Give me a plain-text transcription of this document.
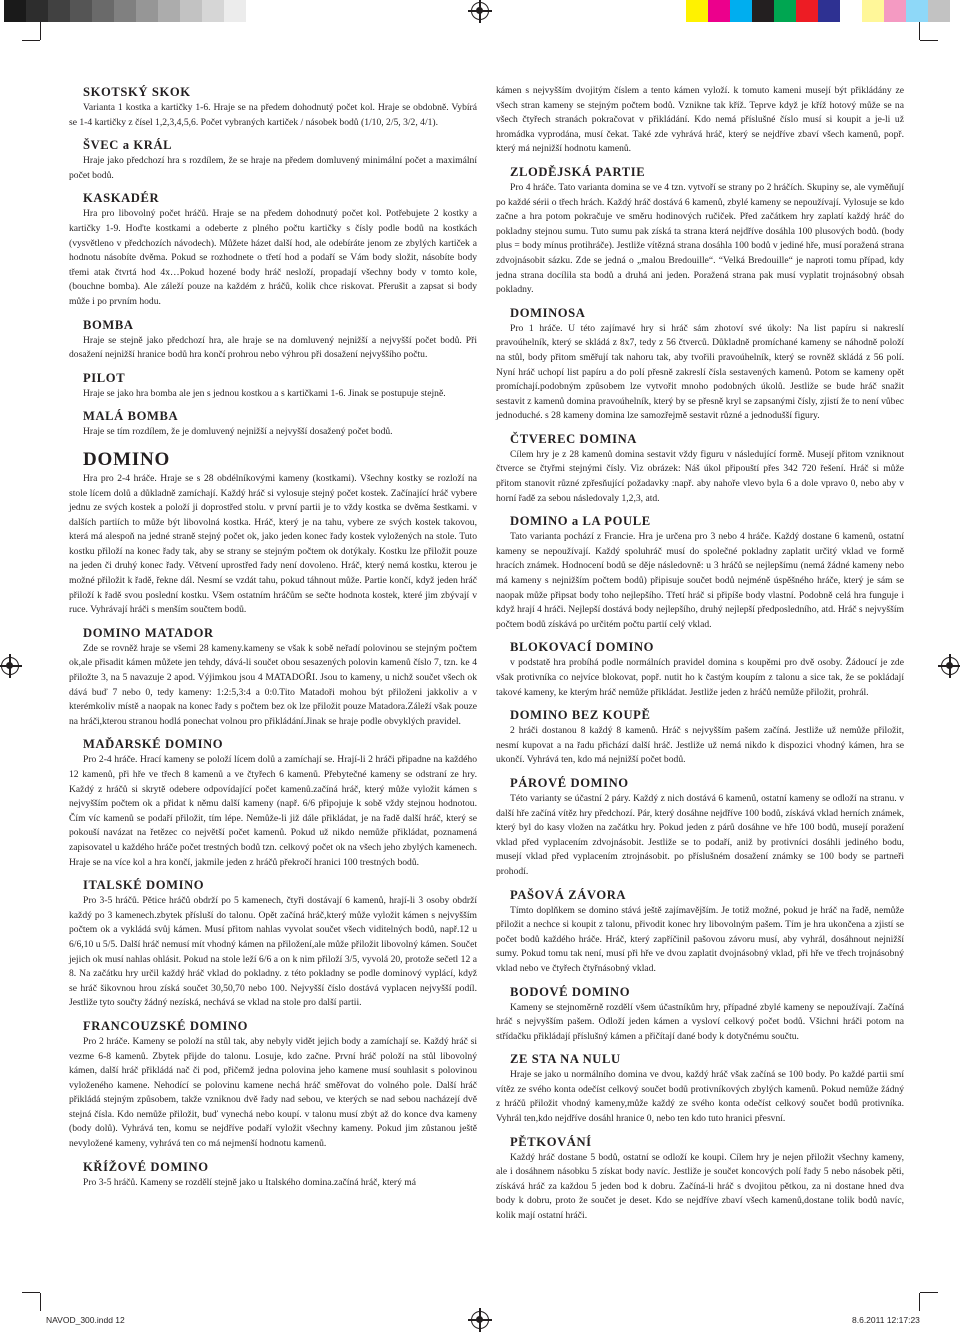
SKOTSKÝ SKOK

Varianta 1 kostka a kartičky 1-6. Hraje se na předem dohodnutý počet kol. Hraje se obdobně. Vybírá se 1-4 kartičky z čísel 1,2,3,4,5,6. Počet vybraných kartiček / násobek bodů (1/10, 2/5, 3/2, 4/1).

ŠVEC a KRÁL

Hraje jako předchozí hra s rozdílem, že se hraje na předem domluvený minimální počet a maximální počet bodů.

KASKADÉR

Hra pro libovolný počet hráčů. Hraje se na předem dohodnutý počet kol. Potřebujete 2 kostky a kartičky 1-9. Hoďte kostkami a odeberte z plného počtu kartičky s čísly podle bodů na kostkách (vysvětleno v předchozích návodech). Můžete házet další hod, ale odebíráte jenom ze zbylých kartiček a hodnotu násobíte dvěma. Pokud se rozhodnete o třetí hod a podaří se Vám body složit, násobíte body třemi atak čtvrtá hod 4x…Pokud hozené body hráč nesloží, propadají všechny body v tomto kole, (bouchne bomba). Ale záleží pouze na každém z hráčů, kolik chce riskovat. Přerušit a zapsat si body může i po prvním hodu.

BOMBA

Hraje se stejně jako předchozí hra, ale hraje se na domluvený nejnižší a nejvyšší počet bodů. Při dosažení nejnižší hranice bodů hra končí prohrou nebo výhrou při dosažení nejvyššího počtu.

PILOT

Hraje se jako hra bomba ale jen s jednou kostkou a s kartičkami 1-6. Jinak se postupuje stejně.

MALÁ BOMBA

Hraje se tím rozdílem, že je domluvený nejnižší a nejvyšší dosažený počet bodů.

DOMINO

Hra pro 2-4 hráče. Hraje se s 28 obdélníkovými kameny (kostkami). Všechny kostky se rozloží na stole lícem dolů a důkladně zamíchají. Každý hráč si vylosuje stejný počet kostek. Začínající hráč vybere jednu ze svých kostek a položí ji doprostřed stolu. v první partii je to vždy kostka se dvěma šestkami. v dalších partiích to může být libovolná kostka. Hráč, který je na tahu, vybere ze svých kostek takovou, která má alespoň na jedné straně stejný počet ok, jako jeden konec řady kostek vyložených na stole. Tuto kostku přiloží na konec řady tak, aby se strany se stejným počtem ok dotýkaly. Kostku lze přiložit pouze na jeden či druhý konec řady. Větvení uprostřed řady není dovoleno. Hráč, který nemá kostku, kterou je možné přiložit k řadě, řekne dál. Nesmí se vzdát tahu, pokud táhnout může. Partie končí, když jeden hráč přiloží k řadě svou poslední kostku. Všem ostatním hráčům se sečte hodnota kostek, které jim zbývají v ruce. Vyhrávají hráči s menším součtem bodů.

DOMINO MATADOR

Zde se rovněž hraje se všemi 28 kameny.kameny se však k sobě neřadí polovinou se stejným počtem ok,ale přisadit kámen můžete jen tehdy, dává-li součet obou sesazených polovin kamenů číslo 7, tzn. ke 4 přiložte 3, na 5 navazuje 2 apod. Výjimkou jsou 4 MATADOŘI. Jsou to kameny, u nichž součet všech ok dává buď 7 nebo 0, tedy kameny: 1:2:5,3:4 a 0:0.Tito Matadoři mohou být přiloženi jakkoliv a v kterémkoliv místě a naopak na konec řady s počtem bez ok lze přiložit pouze Matadora.Záleží však pouze na hráči,kterou stranou hodlá ponechat volnou pro přikládání.Jinak se hraje podle obvyklých pravidel.

MAĎARSKÉ DOMINO

Pro 2-4 hráče. Hrací kameny se položí lícem dolů a zamíchají se. Hrají-li 2 hráči připadne na každého 12 kamenů, při hře ve třech 8 kamenů a ve čtyřech 6 kamenů. Přebytečné kameny se odstraní ze hry. Každý z hráčů si skrytě odebere odpovídající počet kamenů.začíná hráč, který může vyložit kámen s nejvyšším počtem ok a přidat k němu další kameny (např. 6/6 připojuje k sobě vždy stejnou hodnotou. Čím víc kamenů se podaří přiložit, tím lépe. Nemůže-li již dále přikládat, je na řadě další hráč, který se pokouší navázat na řetězec co největší počet kamenů. Pokud už nikdo nemůže přikládat, poznamená zapisovatel u každého hráče počet trestných bodů tzn. celkový počet ok na všech jeho zbylých kamenech. Hraje se na více kol a hra končí, jakmile jeden z hráčů překročí hranici 100 trestných bodů.

ITALSKÉ DOMINO

Pro 3-5 hráčů. Pětice hráčů obdrží po 5 kamenech, čtyři dostávají 6 kamenů, hrají-li 3 osoby obdrží každý po 3 kamenech.zbytek přísluší do talonu. Opět začíná hráč,který může vyložit kámen s nejvyšším počtem ok a vykládá svůj kámen. Musí přitom nahlas vyvolat součet všech viditelných bodů, např.12 u 6/6,10 u 5/5. Další hráč nemusí mít vhodný kámen na přiložení,ale může přiložit libovolný kámen. Součet jejich ok musí nahlas ohlásit. Pokud na stole leží 6/6 a on k nim přiloží 3/5, vyvolá 20, protože sečetl 12 a 8. Na začátku hry určil každý hráč vklad do pokladny. z této pokladny se podle dominový vyplácí, když se hráč šikovnou hrou získá součet 30,50,70 nebo 100. Nejvyšší číslo dostává vyplacen nejvyšší podíl. Jestliže tyto součty žádný nezíská, nechává se vklad na stole pro další partii.

FRANCOUZSKÉ DOMINO

Pro 2 hráče. Kameny se položí na stůl tak, aby nebyly vidět jejich body a zamíchají se. Každý hráč si vezme 6-8 kamenů. Zbytek přijde do talonu. Losuje, kdo začne. První hráč položí na stůl libovolný kámen, další hráč přikládá nač či pod, přičemž jedna polovina jeho kamene musí souhlasit s polovinou vyloženého kamene. Nehodící se polovinu kamene nechá hráč směřovat do volného pole. Další hráč přikládá stejným způsobem, takže vzniknou dvě řady nad sebou, ve kterých se nad sebou nacházejí dvě stejná čísla. Kdo nemůže přiložit, buď vynechá nebo koupí. v talonu musí zbýt až do konce dva kameny (body dolů). Vyhrává ten, komu se nejdříve podaří vyložit všechny kameny. Pokud jim zůstanou ještě nevyložené kameny, vyhrává ten co má nejmenší hodnotu kamenů.

KŘÍŽOVÉ DOMINO

Pro 3-5 hráčů. Kameny se rozdělí stejně jako u Italského domina.začíná hráč, který má

kámen s nejvyšším dvojitým číslem a tento kámen vyloží. k tomuto kameni musejí být přikládány ze všech stran kameny se stejným počtem bodů. Vznikne tak kříž. Teprve když je kříž hotový může se na všech čtyřech stranách pokračovat v přikládání. Kdo nemá příslušné číslo musí si koupit a je-li už hromádka vyprodána, musí čekat. Také zde vyhrává hráč, který se nejdříve zbaví všech kamenů, popř. který má nejnižší hodnotu kamenů.

ZLODĚJSKÁ PARTIE

Pro 4 hráče. Tato varianta domina se ve 4 tzn. vytvoří se strany po 2 hráčích. Skupiny se, ale vyměňují po každé sérii o třech hrách. Každý hráč dostává 6 kamenů, zbylé kameny se nepoužívají. Vylosuje se kdo začne a hra potom pokračuje ve směru hodinových ručiček. Před začátkem hry zaplatí každý hráč do pokladny stejnou sumu. Tuto sumu pak získá ta strana která nejdříve dosáhla 100 plusových bodů. (body plus = body mínus protihráče). Jestliže vítězná strana dosáhla 100 bodů v jediné hře, musí poražená strana zdvojnásobit sázku. Zde se jedná o „malou Bredouille“. “Velká Bredouille“ je naproti tomu případ, kdy jedna strana docílila sta bodů a druhá ani jeden. Poražená strana pak musí vyplatit trojnásobný obsah pokladny.

DOMINOSA

Pro 1 hráče. U této zajímavé hry si hráč sám zhotoví své úkoly: Na list papíru si nakreslí pravoúhelník, který se skládá z 8x7, tedy z 56 čtverců. Důkladně promíchané kameny se náhodně položí na stůl, body přitom směřují tak nahoru tak, aby tvořili pravoúhelník, který se rovněž skládá z 56 polí. Nyní hráč uchopí list papíru a do polí přesně zakreslí čísla sestavených kamenů. Potom se kameny opět promíchají.podobným způsobem lze vytvořit mnoho podobných úkolů. Jestliže se bude hráč snažit sestavit z kamenů domina pravoúhelník, který by se přesně kryl se zapsanými čísly, zjistí že to není vůbec jednoduché. s 28 kameny domina lze samozřejmě sestavit různé a jednodušší figury.

ČTVEREC DOMINA

Cílem hry je z 28 kamenů domina sestavit vždy figuru v následující formě. Musejí přitom vzniknout čtverce se čtyřmi stejnými čísly. Viz obrázek: Náš úkol připouští přes 342 720 řešení. Hráč si může přitom stanovit různé zpřesňující požadavky :např. aby nahoře vlevo byla 6 a dole vpravo 0, nebo aby v horní řadě za sebou následovaly 1,2,3, atd.

DOMINO a LA POULE

Tato varianta pochází z Francie. Hra je určena pro 3 nebo 4 hráče. Každý dostane 6 kamenů, ostatní kameny se nepoužívají. Každý spoluhráč musí do společné pokladny zaplatit určitý vklad ve formě hracích známek. Hodnocení bodů se děje následovně: u 3 hráčů se nejlepšímu (nemá žádné kameny nebo má kameny s nejnižším počtem bodů) připisuje součet bodů nejméně úspěšného hráče, který je sám se naopak může připsat body toho nejlepšího. Třetí hráč si připíše body vlastní. Podobně celá hra funguje i když hrají 4 hráči. Nejlepší dostává body nejlepšího, druhý nejlepší předposledního, atd. Hráč s nejvyšším počtem bodů získává po určitém počtu partií celý vklad.

BLOKOVACÍ DOMINO

v podstatě hra probíhá podle normálních pravidel domina s koupěmi pro dvě osoby. Žádoucí je zde však protivníka co nejvíce blokovat, popř. nutit ho k častým koupím z talonu a sice tak, že se pokládají takové kameny, ke kterým hráč nemůže přikládat. Jestliže jeden z hráčů nemůže přiložit, prohrál.

DOMINO BEZ KOUPĚ

2 hráči dostanou 8 každý 8 kamenů. Hráč s nejvyšším pašem začíná. Jestliže už nemůže přiložit, nesmí kupovat a na řadu přichází další hráč. Jestliže už nemá nikdo k dispozici vhodný kámen, hra se ukončí. Vyhrává ten, kdo má nejnižší počet bodů.

PÁROVÉ DOMINO

Této varianty se účastní 2 páry. Každý z nich dostává 6 kamenů, ostatní kameny se odloží na stranu. v další hře začíná vítěz hry předchozí. Pár, který dosáhne nejdříve 100 bodů, získává vklad herních známek, který byl do kasy vložen na začátku hry. Pokud jeden z párů dosáhne ve hře 100 bodů, musejí poražení vklad před vyplacením zdvojnásobit. Jestliže se to podaří, aniž by protivníci dosáhli jediného bodu, musejí vklad před vyplacením ztrojnásobit. po příslušném dosažení známky se 100 body se partneři prohodí.

PAŠOVÁ ZÁVORA

Tímto doplňkem se domino stává ještě zajímavějším. Je totiž možné, pokud je hráč na řadě, nemůže přiložit a nechce si koupit z talonu, přivodit konec hry libovolným pašem. Tím je hra ukončena a zjistí se počet bodů každého hráče. Hráč, který zapříčinil pašovou závoru musí, aby vyhrál, dosáhnout nejnižší sumy. Pokud tomu tak není, musí při hře ve dvou zaplatit dvojnásobný vklad, při hře ve třech trojnásobný vklad nebo ve čtyřech čtyřnásobný vklad.

BODOVÉ DOMINO

Kameny se stejnoměrně rozdělí všem účastníkům hry, případné zbylé kameny se nepoužívají. Začíná hráč s nejvyšším pašem. Odloží jeden kámen a vysloví celkový počet bodů. Všichni hráči potom na střídačku přikládají příslušný kámen a přičítají dané body k dotyčnému součtu.

ZE STA NA NULU

Hraje se jako u normálního domina ve dvou, každý hráč však začíná se 100 body. Po každé partii smí vítěz ze svého konta odečíst celkový součet bodů protivníkových zbylých kamenů. Pokud nemůže žádný z hráčů přiložit vhodný kameny,může každý ze svého konta odečíst celkový součet bodů protivníka. Vyhrál ten,kdo nejdříve dosáhl hranice 0, nebo ten kdo tuto hranici přesvní.

PĚTKOVÁNÍ

Každý hráč dostane 5 bodů, ostatní se odloží ke koupi. Cílem hry je nejen přiložit všechny kameny, ale i dosáhnem násobku 5 získat body navíc. Jestliže je součet koncových polí řady 5 nebo násobek pěti, získává hráč za každou 5 jeden bod k dobru. Začíná-li hráč s dvojitou pětkou, za ni dostane hned dva body k dobru, proto že součet je deset. Kdo se nejdříve zbaví všech kamenů,dostane tolik bodů navíc, kolik mají ostatní hráči.

NAVOD_300.indd 12	8.6.2011 12:17:23
